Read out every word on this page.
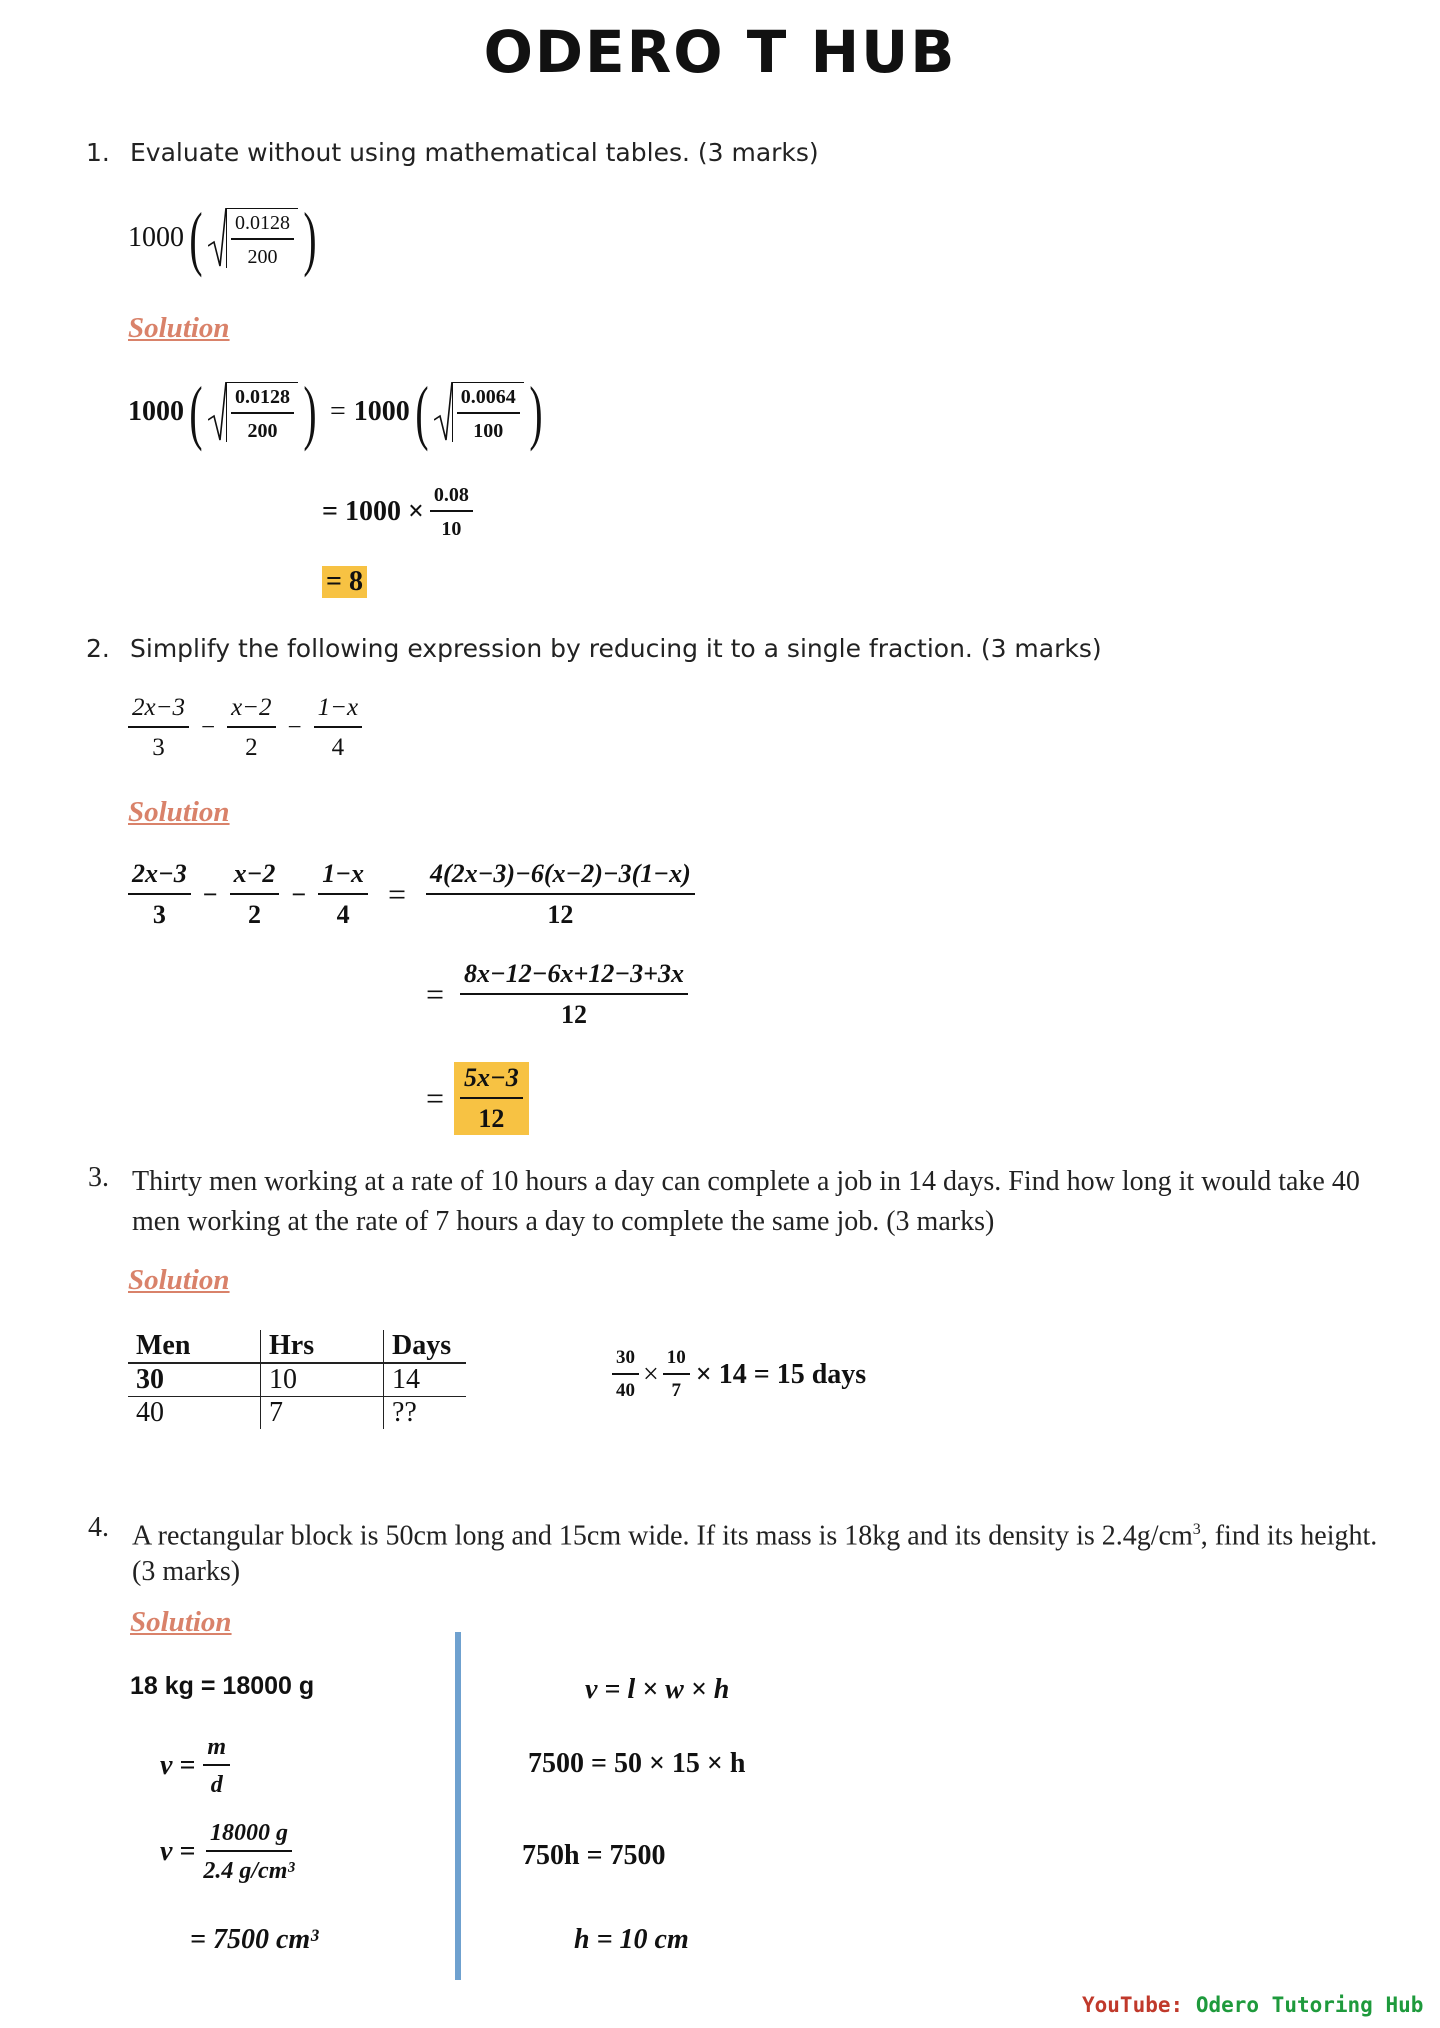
ODERO T HUB
1. Evaluate without using mathematical tables. (3 marks)
1000 ( $\frac{0.0128}{200}$ )
Solution
1000 ( $\frac{0.0128}{200}$ ) = 1000 ( $\frac{0.0064}{100}$ )
= $1000 \times \frac{0.08}{10}$
= 8
2. Simplify the following expression by reducing it to a single fraction. (3 marks)
$\frac{2x-3}{3} - \frac{x-2}{2} - \frac{1-x}{4}$
Solution
$\frac{2x-3}{3} - \frac{x-2}{2} - \frac{1-x}{4} = \frac{4(2x-3)-6(x-2)-3(1-x)}{12}$
= $\frac{8x-12-6x+12-3+3x}{12}$
= $\frac{5x-3}{12}$
3. Thirty men working at a rate of 10 hours a day can complete a job in 14 days. Find how long it would take 40 men working at the rate of 7 hours a day to complete the same job. (3 marks)
Solution
Men	Hrs	Days
30	10	14
40	7	??
$\frac{30}{40} \times \frac{10}{7} \times 14 = 15$ days
4. A rectangular block is 50cm long and 15cm wide. If its mass is 18kg and its density is $2.4g/cm^3$, find its height. (3 marks)
Solution
18 kg = 18000 g
$v = \frac{m}{d}$
$v = \frac{18000 g}{\text{2.4 g/cm³}}$
= 7500 cm³
v = l × w × h
7500 = 50 × 15 × h
750h = 7500
h = 10 cm
YouTube: Odero Tutoring Hub
